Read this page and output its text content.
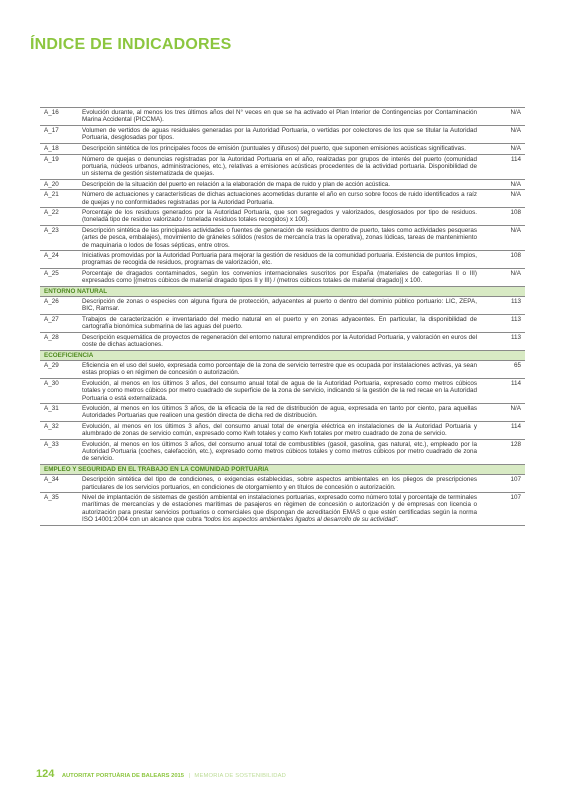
ÍNDICE DE INDICADORES
A_16	Evolución durante, al menos los tres últimos años del N° veces en que se ha activado el Plan Interior de Contingencias por Contaminación Marina Accidental (PICCMA).	N/A
A_17	Volumen de vertidos de aguas residuales generadas por la Autoridad Portuaria, o vertidas por colectores de los que se titular la Autoridad Portuaria, desglosadas por tipos.	N/A
A_18	Descripción sintética de los principales focos de emisión (puntuales y difusos) del puerto, que suponen emisiones acústicas significativas.	N/A
A_19	Número de quejas o denuncias registradas por la Autoridad Portuaria en el año, realizadas por grupos de interés del puerto (comunidad portuaria, núcleos urbanos, administraciones, etc.), relativas a emisiones acústicas procedentes de la actividad portuaria. Disponibilidad de un sistema de gestión sistematizada de quejas.	114
A_20	Descripción de la situación del puerto en relación a la elaboración de mapa de ruido y plan de acción acústica.	N/A
A_21	Número de actuaciones y características de dichas actuaciones acometidas durante el año en curso sobre focos de ruido identificados a raíz de quejas y no conformidades registradas por la Autoridad Portuaria.	N/A
A_22	Porcentaje de los residuos generados por la Autoridad Portuaria, que son segregados y valorizados, desglosados por tipo de residuos. (toneladà tipo de residuo valorizado / tonelada residuos totales recogidos) x 100).	108
A_23	Descripción sintética de las principales actividades o fuentes de generación de residuos dentro de puerto, tales como actividades pesqueras (artes de pesca, embalajes), movimiento de gráneles sólidos (restos de mercancía tras la operativa), zonas lúdicas, tareas de mantenimiento de maquinaria o lodos de fosas sépticas, entre otros.	N/A
A_24	Iniciativas promovidas por la Autoridad Portuaria para mejorar la gestión de residuos de la comunidad portuaria. Existencia de puntos limpios, programas de recogida de residuos, programas de valorización, etc.	108
A_25	Porcentaje de dragados contaminados, según los convenios internacionales suscritos por España (materiales de categorías II o III) expresados como [(metros cúbicos de material dragado tipos II y III) / (metros cúbicos totales de material dragado)] x 100.	N/A
ENTORNO NATURAL		
A_26	Descripción de zonas o especies con alguna figura de protección, adyacentes al puerto o dentro del dominio público portuario: LIC, ZEPA, BIC, Ramsar.	113
A_27	Trabajos de caracterización e inventariado del medio natural en el puerto y en zonas adyacentes. En particular, la disponibilidad de cartografía bionómica submarina de las aguas del puerto.	113
A_28	Descripción esquemática de proyectos de regeneración del entorno natural emprendidos por la Autoridad Portuaria, y valoración en euros del coste de dichas actuaciones.	113
ECOEFICIENCIA		
A_29	Eficiencia en el uso del suelo, expresada como porcentaje de la zona de servicio terrestre que es ocupada por instalaciones activas, ya sean estas propias o en régimen de concesión o autorización.	65
A_30	Evolución, al menos en los últimos 3 años, del consumo anual total de agua de la Autoridad Portuaria, expresado como metros cúbicos totales y como metros cúbicos por metro cuadrado de superficie de la zona de servicio, indicando si la gestión de la red recae en la Autoridad Portuaria o está externalizada.	114
A_31	Evolución, al menos en los últimos 3 años, de la eficacia de la red de distribución de agua, expresada en tanto por ciento, para aquellas Autoridades Portuarias que realicen una gestión directa de dicha red de distribución.	N/A
A_32	Evolución, al menos en los últimos 3 años, del consumo anual total de energía eléctrica en instalaciones de la Autoridad Portuaria y alumbrado de zonas de servicio común, expresado como Kwh totales y como Kwh totales por metro cuadrado de zona de servicio.	114
A_33	Evolución, al menos en los últimos 3 años, del consumo anual total de combustibles (gasoil, gasolina, gas natural, etc.), empleado por la Autoridad Portuaria (coches, calefacción, etc.), expresado como metros cúbicos totales y como metros cúbicos por metro cuadrado de zona de servicio.	128
EMPLEO Y SEGURIDAD EN EL TRABAJO EN LA COMUNIDAD PORTUARIA		
A_34	Descripción sintética del tipo de condiciones, o exigencias establecidas, sobre aspectos ambientales en los pliegos de prescripciones particulares de los servicios portuarios, en condiciones de otorgamiento y en títulos de concesión o autorización.	107
A_35	Nivel de implantación de sistemas de gestión ambiental en instalaciones portuarias, expresado como número total y porcentaje de terminales marítimas de mercancías y de estaciones marítimas de pasajeros en régimen de concesión o autorización y de empresas con licencia o autorización para prestar servicios portuarios o comerciales que dispongan de acreditación EMAS o que estén certificadas según la norma ISO 14001:2004 con un alcance que cubra “todos los aspectos ambientales ligados al desarrollo de su actividad”.	107
124 AUTORITAT PORTUÀRIA DE BALEARS 2015 | MEMORIA DE SOSTENIBILIDAD
